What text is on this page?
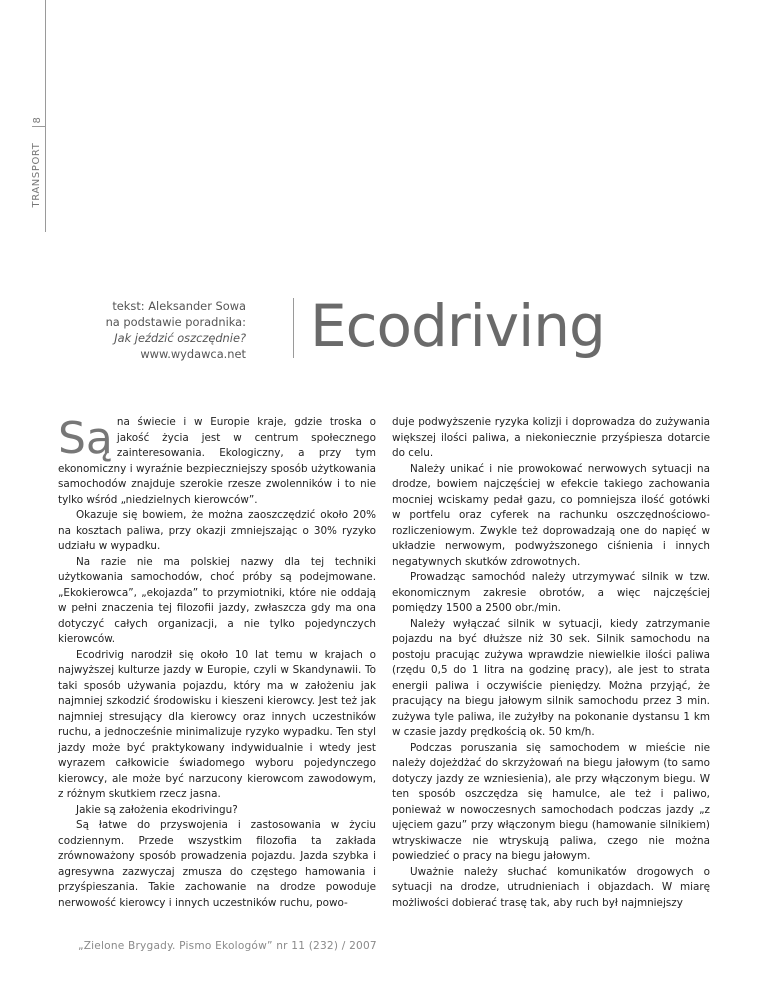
8
TRANSPORT
tekst: Aleksander Sowa
na podstawie poradnika:
Jak jeździć oszczędnie?
www.wydawca.net Ecodriving

Są na świecie i w Europie kraje, gdzie troska o jakość życia jest w centrum społecznego zainteresowania. Ekologiczny, a przy tym ekonomiczny i wyraźnie bezpieczniejszy sposób użytkowania samochodów znajduje szerokie rzesze zwolenników i to nie tylko wśród „niedzielnych kierowców”.

Okazuje się bowiem, że można zaoszczędzić około 20% na kosztach paliwa, przy okazji zmniejszając o 30% ryzyko udziału w wypadku.

Na razie nie ma polskiej nazwy dla tej techniki użytkowania samochodów, choć próby są podejmowane. „Ekokierowca”, „ekojazda” to przymiotniki, które nie oddają w pełni znaczenia tej filozofii jazdy, zwłaszcza gdy ma ona dotyczyć całych organizacji, a nie tylko pojedynczych kierowców.

Ecodrivig narodził się około 10 lat temu w krajach o najwyższej kulturze jazdy w Europie, czyli w Skandynawii. To taki sposób używania pojazdu, który ma w założeniu jak najmniej szkodzić środowisku i kieszeni kierowcy. Jest też jak najmniej stresujący dla kierowcy oraz innych uczestników ruchu, a jednocześnie minimalizuje ryzyko wypadku. Ten styl jazdy może być praktykowany indywidualnie i wtedy jest wyrazem całkowicie świadomego wyboru pojedynczego kierowcy, ale może być narzucony kierowcom zawodowym, z różnym skutkiem rzecz jasna.

Jakie są założenia ekodrivingu?

Są łatwe do przyswojenia i zastosowania w życiu codziennym. Przede wszystkim filozofia ta zakłada zrównoważony sposób prowadzenia pojazdu. Jazda szybka i agresywna zazwyczaj zmusza do częstego hamowania i przyśpieszania. Takie zachowanie na drodze powoduje nerwowość kierowcy i innych uczestników ruchu, powo-

duje podwyższenie ryzyka kolizji i doprowadza do zużywania większej ilości paliwa, a niekoniecznie przyśpiesza dotarcie do celu.

Należy unikać i nie prowokować nerwowych sytuacji na drodze, bowiem najczęściej w efekcie takiego zachowania mocniej wciskamy pedał gazu, co pomniejsza ilość gotówki w portfelu oraz cyferek na rachunku oszczędnościowo-rozliczeniowym. Zwykle też doprowadzają one do napięć w układzie nerwowym, podwyższonego ciśnienia i innych negatywnych skutków zdrowotnych.

Prowadząc samochód należy utrzymywać silnik w tzw. ekonomicznym zakresie obrotów, a więc najczęściej pomiędzy 1500 a 2500 obr./min.

Należy wyłączać silnik w sytuacji, kiedy zatrzymanie pojazdu na być dłuższe niż 30 sek. Silnik samochodu na postoju pracując zużywa wprawdzie niewielkie ilości paliwa (rzędu 0,5 do 1 litra na godzinę pracy), ale jest to strata energii paliwa i oczywiście pieniędzy. Można przyjąć, że pracujący na biegu jałowym silnik samochodu przez 3 min. zużywa tyle paliwa, ile zużyłby na pokonanie dystansu 1 km w czasie jazdy prędkością ok. 50 km/h.

Podczas poruszania się samochodem w mieście nie należy dojeżdżać do skrzyżowań na biegu jałowym (to samo dotyczy jazdy ze wzniesienia), ale przy włączonym biegu. W ten sposób oszczędza się hamulce, ale też i paliwo, ponieważ w nowoczesnych samochodach podczas jazdy „z ujęciem gazu” przy włączonym biegu (hamowanie silnikiem) wtryskiwacze nie wtryskują paliwa, czego nie można powiedzieć o pracy na biegu jałowym.

Uważnie należy słuchać komunikatów drogowych o sytuacji na drodze, utrudnieniach i objazdach. W miarę możliwości dobierać trasę tak, aby ruch był najmniejszy

„Zielone Brygady. Pismo Ekologów” nr 11 (232) / 2007
